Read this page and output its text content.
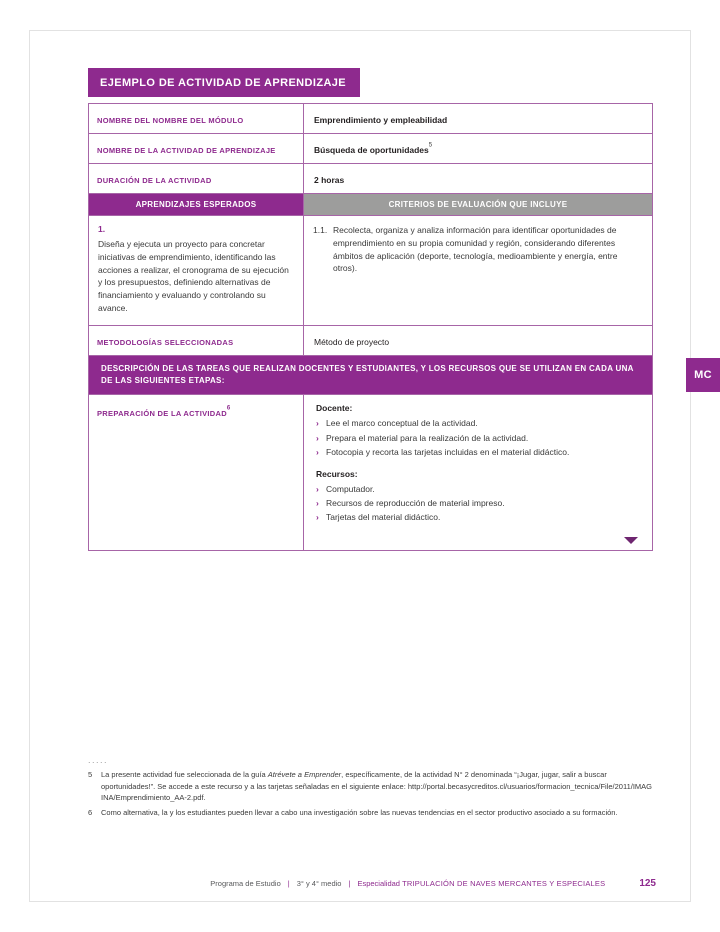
EJEMPLO DE ACTIVIDAD DE APRENDIZAJE
NOMBRE DEL NOMBRE DEL MÓDULO	Emprendimiento y empleabilidad
NOMBRE DE LA ACTIVIDAD DE APRENDIZAJE	Búsqueda de oportunidades$^5$
DURACIÓN DE LA ACTIVIDAD	2 horas
APRENDIZAJES ESPERADOS	CRITERIOS DE EVALUACIÓN QUE INCLUYE
1.
Diseña y ejecuta un proyecto para concretar iniciativas de emprendimiento, identificando las acciones a realizar, el cronograma de su ejecución y los presupuestos, definiendo alternativas de financiamiento y evaluando y controlando su avance.
1.1. Recolecta, organiza y analiza información para identificar oportunidades de emprendimiento en su propia comunidad y región, considerando diferentes ámbitos de aplicación (deporte, tecnología, medioambiente y energía, entre otros).
METODOLOGÍAS SELECCIONADAS	Método de proyecto
DESCRIPCIÓN DE LAS TAREAS QUE REALIZAN DOCENTES Y ESTUDIANTES, Y LOS RECURSOS QUE SE UTILIZAN EN CADA UNA DE LAS SIGUIENTES ETAPAS:
PREPARACIÓN DE LA ACTIVIDAD$^6$	Docente:
› Lee el marco conceptual de la actividad.
› Prepara el material para la realización de la actividad.
› Fotocopia y recorta las tarjetas incluidas en el material didáctico.
Recursos:
› Computador.
› Recursos de reproducción de material impreso.
› Tarjetas del material didáctico.
MC
.....
5	La presente actividad fue seleccionada de la guía Atrévete a Emprender, específicamente, de la actividad N° 2 denominada “¡Jugar, jugar, salir a buscar oportunidades!”. Se accede a este recurso y a las tarjetas señaladas en el siguiente enlace: http://portal.becasycreditos.cl/usuarios/formacion_tecnica/File/2011/IMAGINA/Emprendimiento_AA-2.pdf.
6	Como alternativa, la y los estudiantes pueden llevar a cabo una investigación sobre las nuevas tendencias en el sector productivo asociado a su formación.
Programa de Estudio | 3° y 4° medio | Especialidad
TRIPULACIÓN DE NAVES MERCANTES Y ESPECIALES	125
